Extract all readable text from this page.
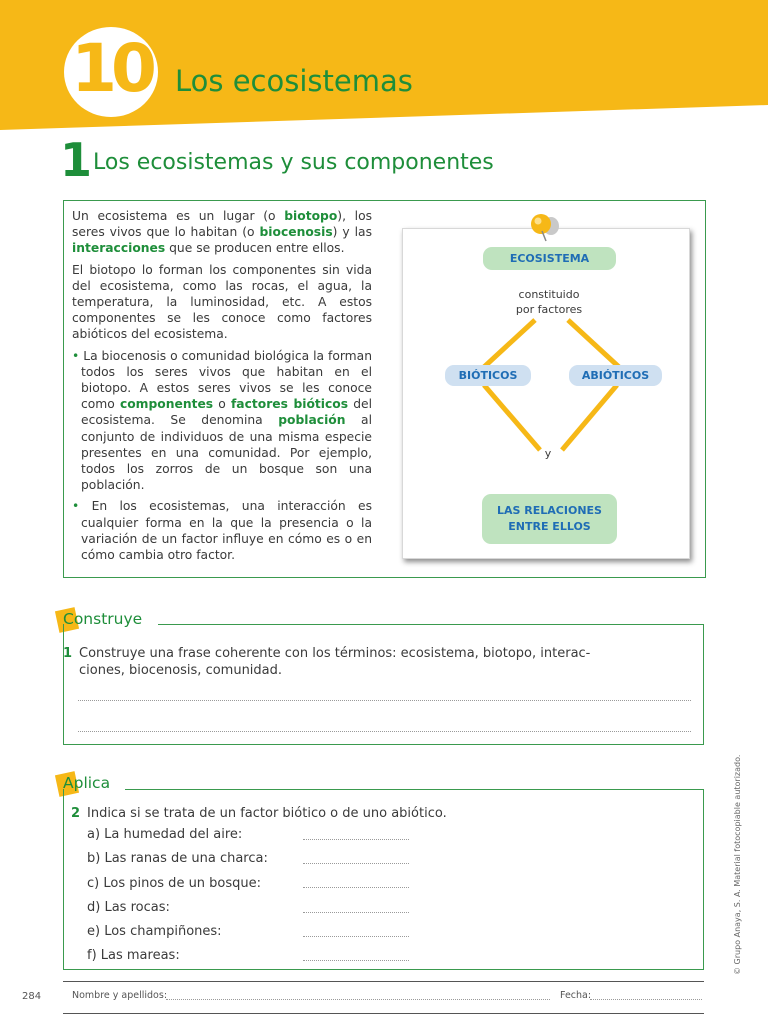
10 Los ecosistemas
1 Los ecosistemas y sus componentes

Un ecosistema es un lugar (o biotopo), los seres vivos que lo habitan (o biocenosis) y las interacciones que se producen entre ellos.

El biotopo lo forman los componentes sin vida del ecosistema, como las rocas, el agua, la temperatura, la luminosidad, etc. A estos componentes se les conoce como factores abióticos del ecosistema.

• La biocenosis o comunidad biológica la forman todos los seres vivos que habitan en el biotopo. A estos seres vivos se les conoce como componentes o factores bióticos del ecosistema. Se denomina población al conjunto de individuos de una misma especie presentes en una comunidad. Por ejemplo, todos los zorros de un bosque son una población.

• En los ecosistemas, una interacción es cualquier forma en la que la presencia o la variación de un factor influye en cómo es o en cómo cambia otro factor.

ECOSISTEMA
constituido
por factores
BIÓTICOS	ABIÓTICOS
y
LAS RELACIONES
ENTRE ELLOS
Construye
1 Construye una frase coherente con los términos: ecosistema, biotopo, interac-
ciones, biocenosis, comunidad.
Aplica
2 Indica si se trata de un factor biótico o de uno abiótico.
a) La humedad del aire:
b) Las ranas de una charca:
c) Los pinos de un bosque:
d) Las rocas:
e) Los champiñones:
f) Las mareas:
284	Nombre y apellidos:	Fecha:
© Grupo Anaya, S. A. Material fotocopiable autorizado.
